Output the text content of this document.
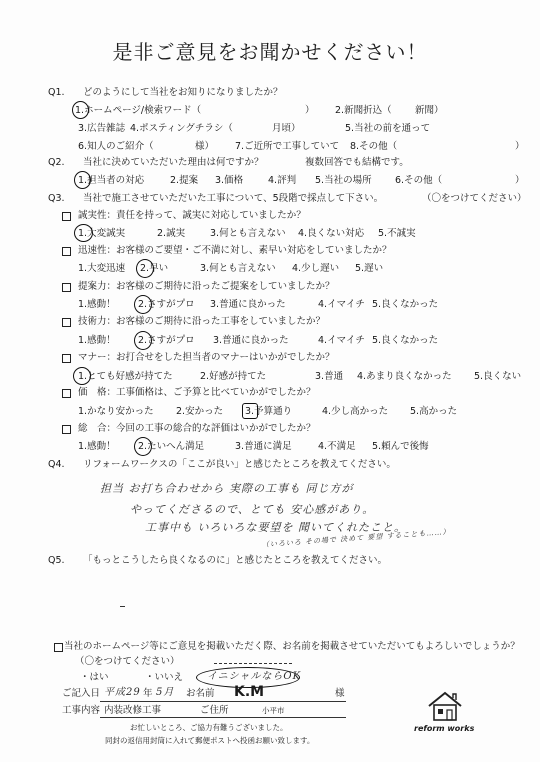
是非ご意見をお聞かせください！
Q1. どのようにして当社をお知りになりましたか？
1.ホームページ/検索ワード（	） 2.新聞折込（ 新聞）
3.広告雑誌 4.ポスティングチラシ（	月頃）	5.当社の前を通って
6.知人のご紹介（	様） 7.ご近所で工事していて 8.その他（	）
Q2. 当社に決めていただいた理由は何ですか？	複数回答でも結構です。
1.担当者の対応	2.提案 3.価格	4.評判 5.当社の場所 6.その他（	）
Q3. 当社で施工させていただいた工事について、5段階で採点して下さい。	（〇をつけてください）
誠実性：責任を持って、誠実に対応していましたか？
1.大変誠実	2.誠実	3.何とも言えない 4.良くない対応 5.不誠実
迅速性：お客様のご要望・ご不満に対し、素早い対応をしていましたか？
1.大変迅速 2.早い	3.何とも言えない 4.少し遅い 5.遅い
提案力：お客様のご期待に沿ったご提案をしていましたか？
1.感動！ 2.さすがプロ 3.普通に良かった	4.イマイチ 5.良くなかった
技術力：お客様のご期待に沿った工事をしていましたか？
1.感動！ 2.さすがプロ 3.普通に良かった	4.イマイチ 5.良くなかった
マナー：お打合せをした担当者のマナーはいかがでしたか？
1.とても好感が持てた	2.好感が持てた	3.普通 4.あまり良くなかった 5.良くない
価　格：工事価格は、ご予算と比べていかがでしたか？
1.かなり安かった 2.安かった 3.予算通り	4.少し高かった 5.高かった
総　合：今回の工事の総合的な評価はいかがでしたか？
1.感動！ 2.たいへん満足	3.普通に満足	4.不満足 5.頼んで後悔
Q4. リフォームワークスの「ここが良い」と感じたところを教えてください。
担当 お打ち合わせから 実際の工事も 同じ方が
やってくださるので、とても 安心感があり。
工事中も いろいろな要望を 聞いてくれたこと。
（いろいろ その場で 決めて 要望 することも……）
Q5. 「もっとこうしたら良くなるのに」と感じたところを教えてください。
当社のホームページ等にご意見を掲載いただく際、お名前を掲載させていただいてもよろしいでしょうか？
（〇をつけてください）
・はい	・いいえ イニシャルならOK
ご記入日 平成29 年 5月 お名前 K.M	様
工事内容 内装改修工事	ご住所	小平市
お忙しいところ、ご協力有難うございました。
同封の返信用封筒に入れて郵便ポストへ投函お願い致します。
reform works
